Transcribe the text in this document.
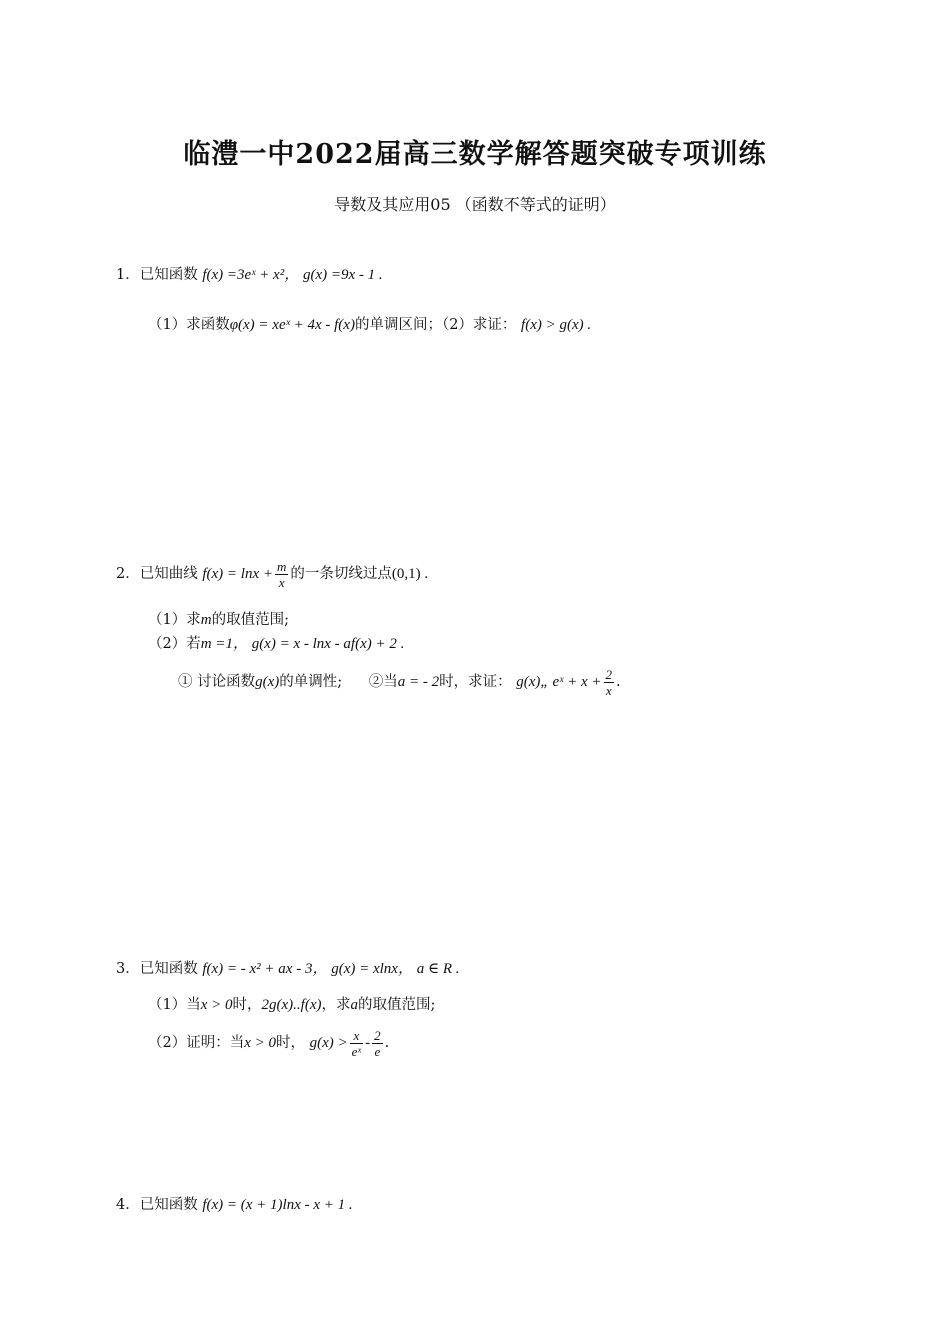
临澧一中2022届高三数学解答题突破专项训练
导数及其应用05 （函数不等式的证明）
1．已知函数 f(x) =3eˣ + x²， g(x) =9x - 1 .
（1）求函数φ(x) = xeˣ + 4x - f(x)的单调区间；（2）求证： f(x) > g(x) .
2．已知曲线 $f(x) = \ln x + \frac{m}{x}$ 的一条切线过点(0,1) .
（1）求m的取值范围;
（2）若m =1， g(x) = x - lnx - af(x) + 2 .
① 讨论函数g(x)的单调性; ②当a = - 2时，求证： g(x)„ eˣ + $x + \frac{2}{x}$ .
3．已知函数 f(x) = - x² + ax - 3， g(x) = xlnx， a ∈ R .
（1）当x > 0时，2g(x)..f(x)，求a的取值范围;
（2）证明：当x > 0时， $g(x) > \frac{x}{\text{eˣ}} - \frac{2}{e}$ .
4．已知函数 f(x) = (x + 1)lnx - x + 1 .
